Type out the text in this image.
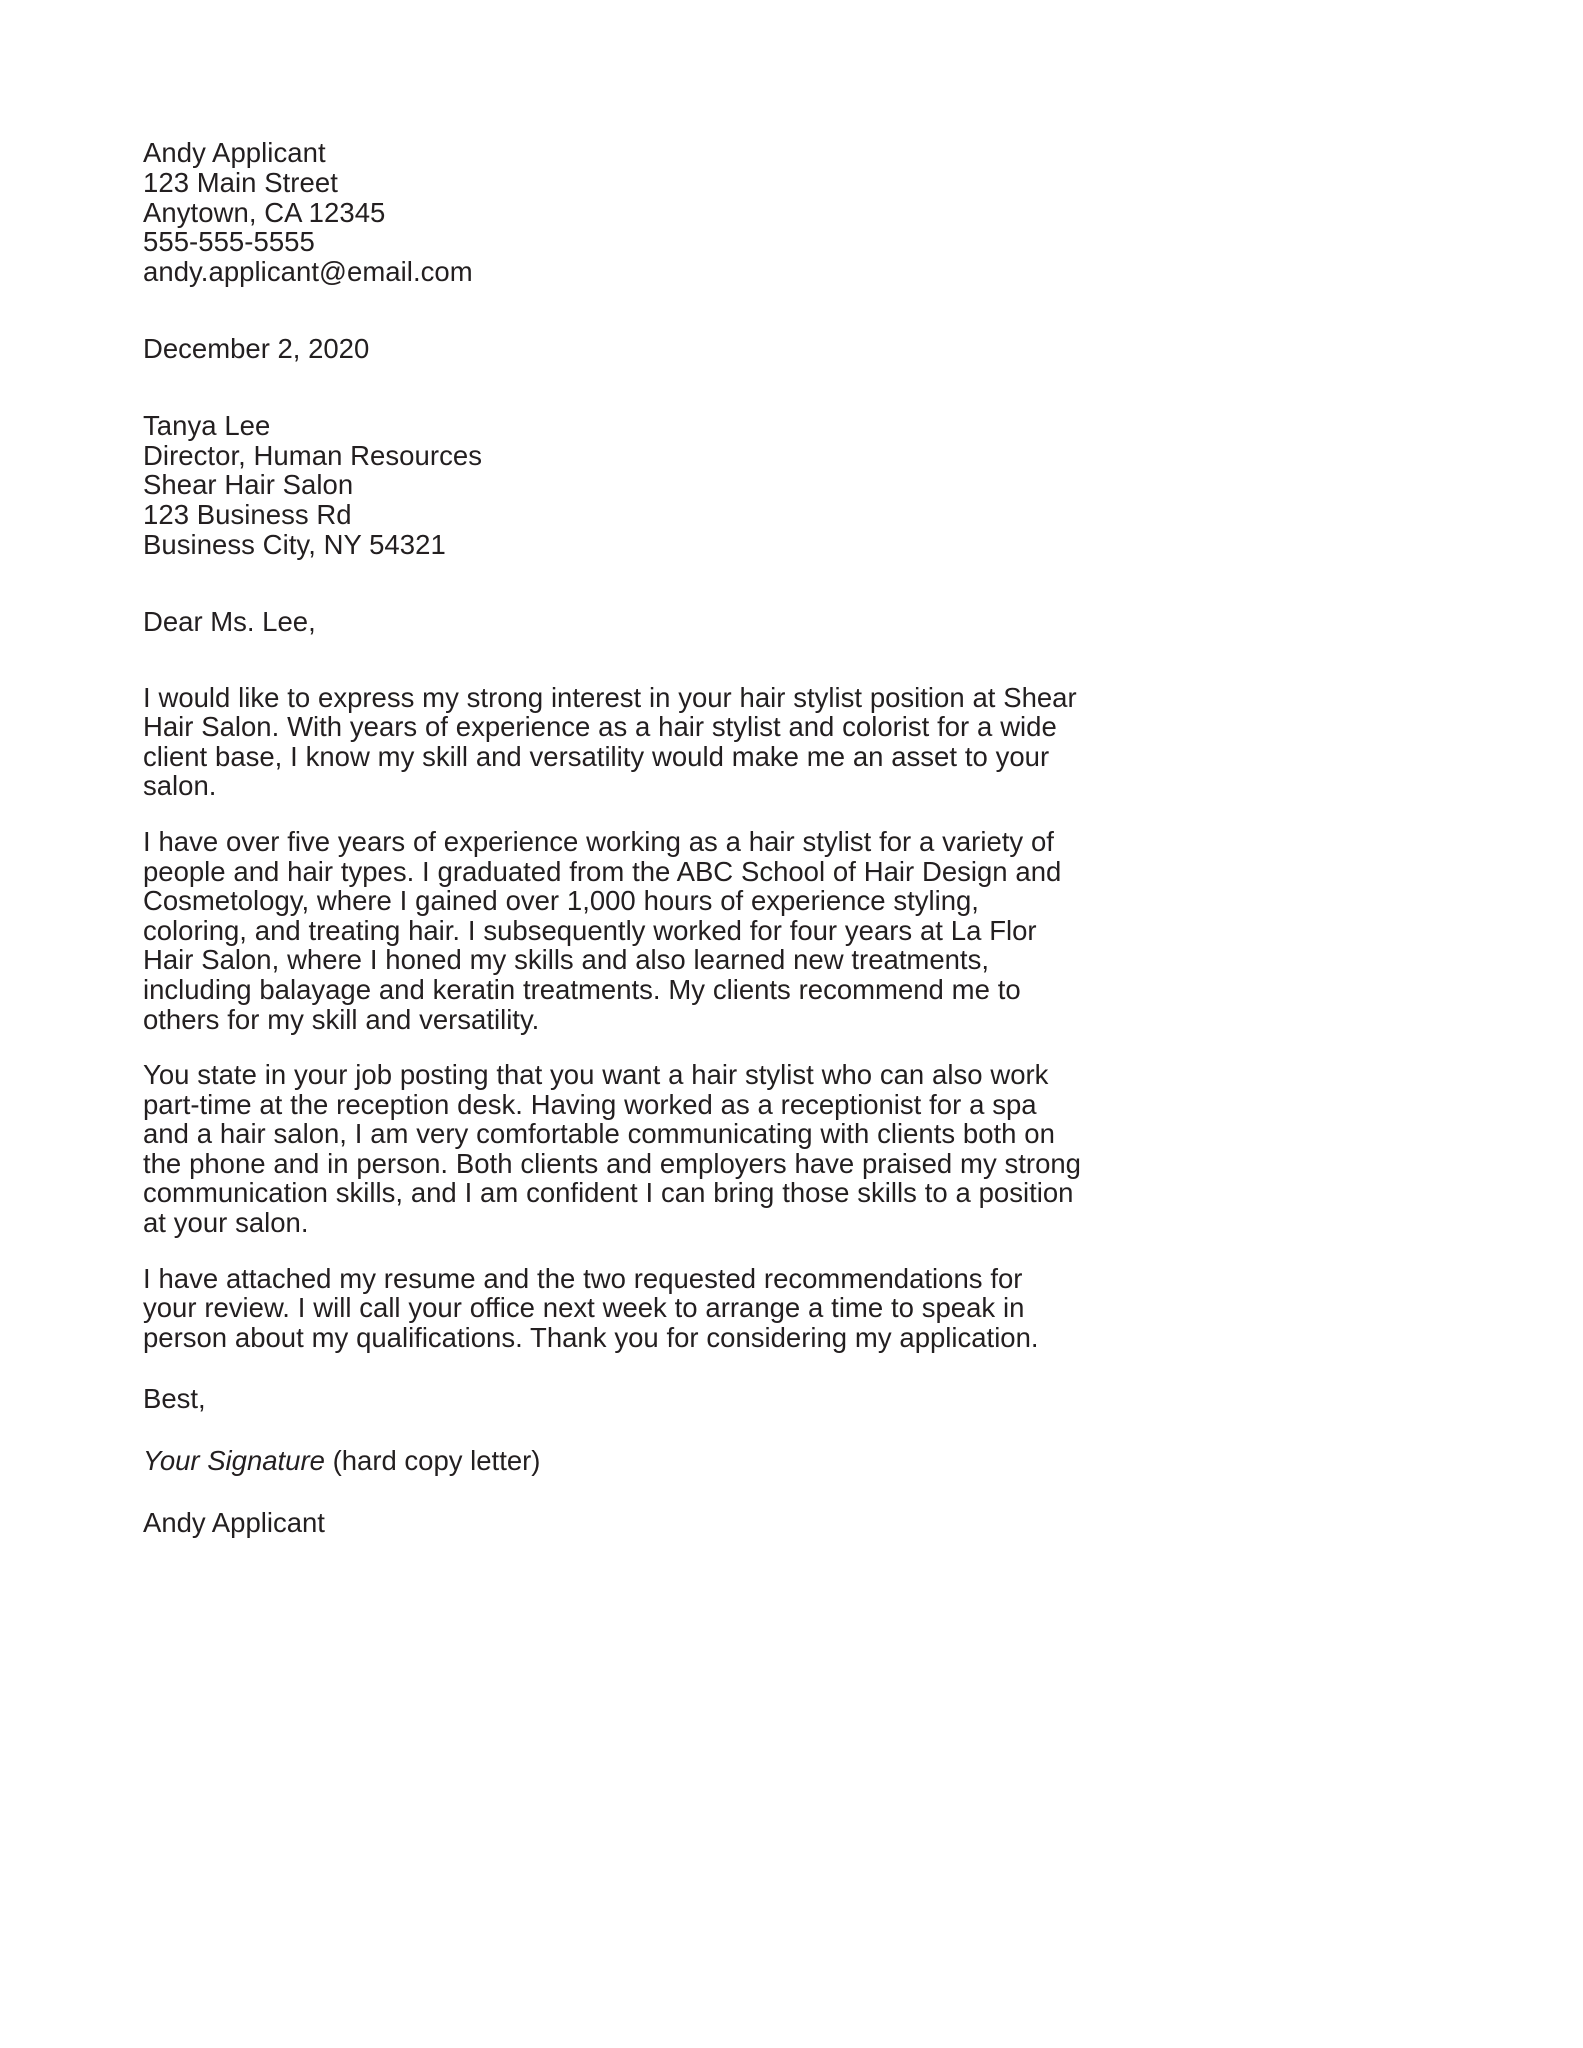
Andy Applicant
123 Main Street
Anytown, CA 12345
555-555-5555
andy.applicant@email.com
December 2, 2020
Tanya Lee
Director, Human Resources
Shear Hair Salon
123 Business Rd
Business City, NY 54321
Dear Ms. Lee,

I would like to express my strong interest in your hair stylist position at Shear Hair Salon. With years of experience as a hair stylist and colorist for a wide client base, I know my skill and versatility would make me an asset to your salon.

I have over five years of experience working as a hair stylist for a variety of people and hair types. I graduated from the ABC School of Hair Design and Cosmetology, where I gained over 1,000 hours of experience styling, coloring, and treating hair. I subsequently worked for four years at La Flor Hair Salon, where I honed my skills and also learned new treatments, including balayage and keratin treatments. My clients recommend me to others for my skill and versatility.

You state in your job posting that you want a hair stylist who can also work part-time at the reception desk. Having worked as a receptionist for a spa and a hair salon, I am very comfortable communicating with clients both on the phone and in person. Both clients and employers have praised my strong communication skills, and I am confident I can bring those skills to a position at your salon.

I have attached my resume and the two requested recommendations for your review. I will call your office next week to arrange a time to speak in person about my qualifications. Thank you for considering my application.

Best,
Your Signature (hard copy letter)
Andy Applicant
